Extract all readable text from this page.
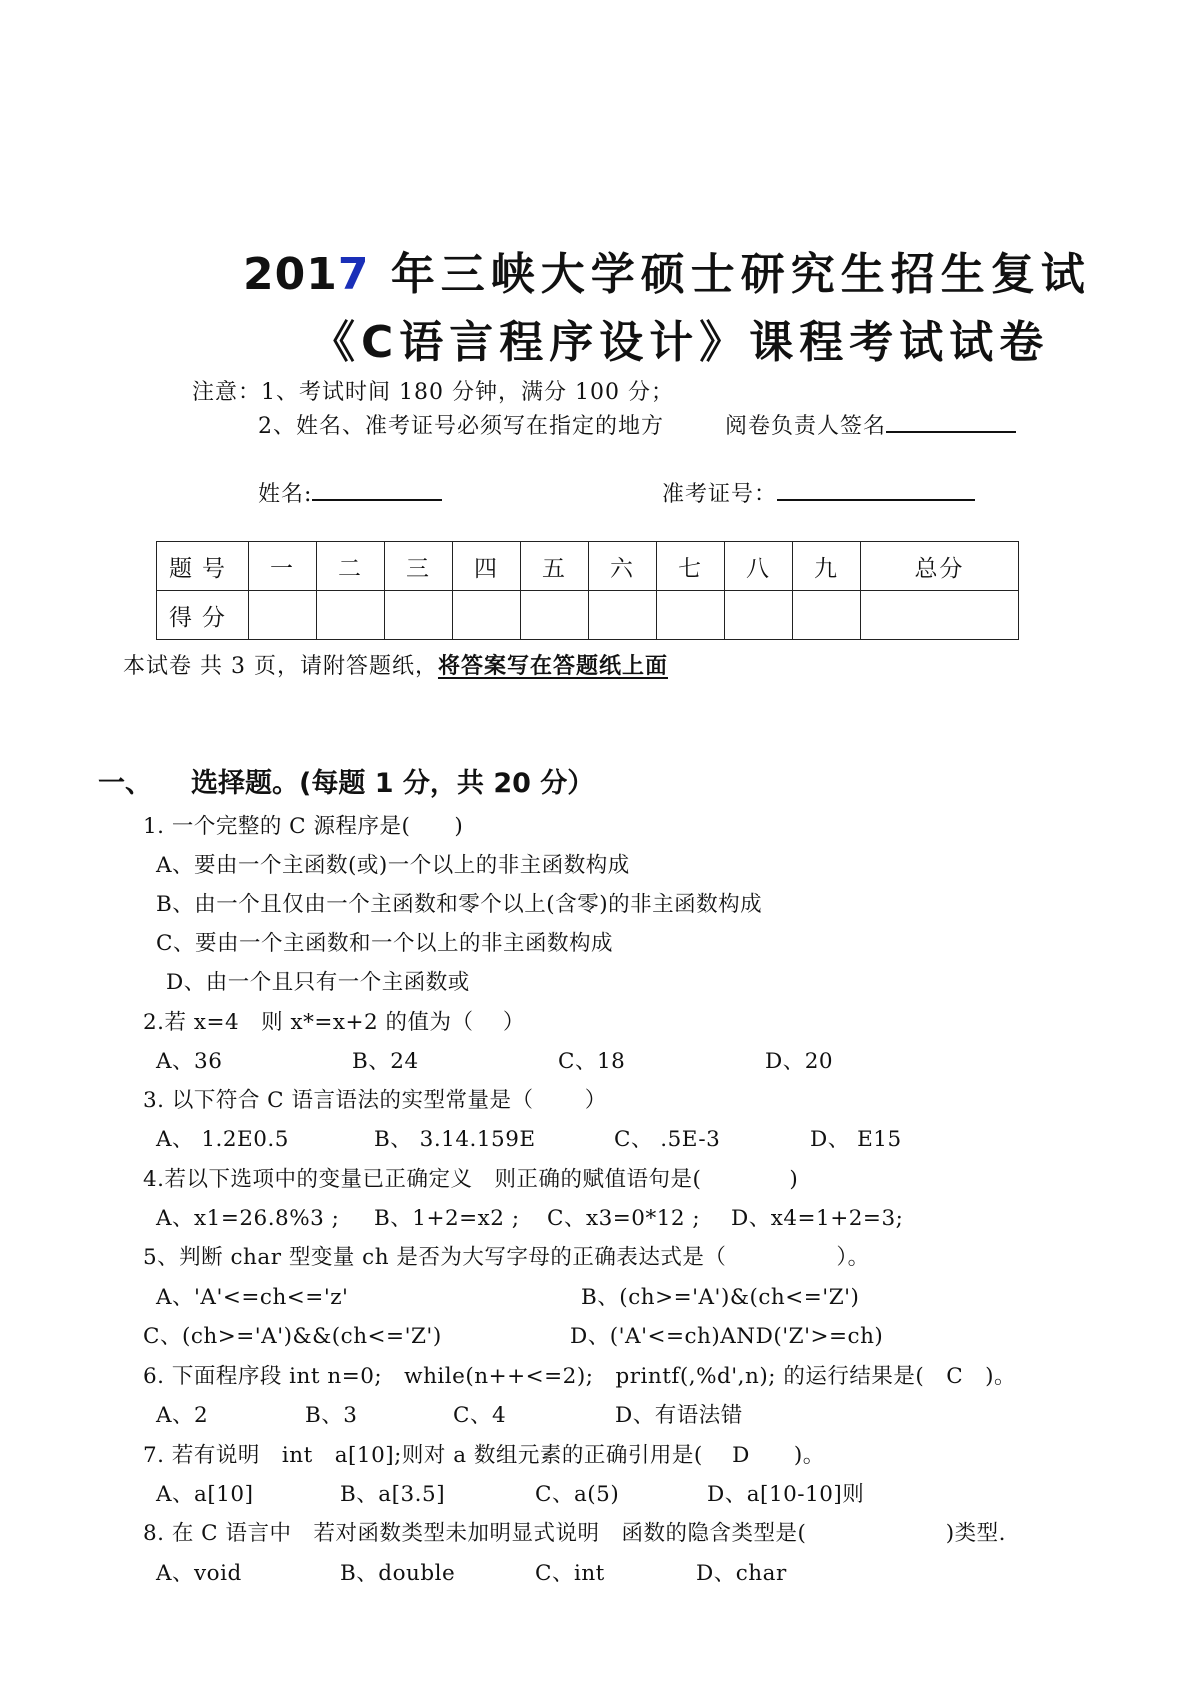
2017 年三峡大学硕士研究生招生复试
《C语言程序设计》课程考试试卷
注意：1、考试时间 180 分钟，满分 100 分；
2、姓名、准考证号必须写在指定的地方	阅卷负责人签名
姓名:	准考证号：
题号	一	二	三	四	五	六	七	八	九	总分
得分										
本试卷 共 3 页，请附答题纸，将答案写在答题纸上面
一、 选择题。(每题 1 分，共 20 分）
1. 一个完整的 C 源程序是(　　)
A、要由一个主函数(或)一个以上的非主函数构成
B、由一个且仅由一个主函数和零个以上(含零)的非主函数构成
C、要由一个主函数和一个以上的非主函数构成
D、由一个且只有一个主函数或
2.若 x=4　则 x*=x+2 的值为（　 ）
A、36	B、24	C、18	D、20
3. 以下符合 C 语言语法的实型常量是（　　 ）
A、 1.2E0.5	B、 3.14.159E	C、 .5E-3	D、 E15
4.若以下选项中的变量已正确定义　则正确的赋值语句是(　　　　)
A、x1=26.8%3 ; B、1+2=x2 ; C、x3=0*12 ; D、x4=1+2=3;
5、判断 char 型变量 ch 是否为大写字母的正确表达式是（　　　　　）。
A、'A'<=ch<='z'	B、(ch>='A')&(ch<='Z')
C、(ch>='A')&&(ch<='Z')	D、('A'<=ch)AND('Z'>=ch)
6. 下面程序段 int n=0;　while(n++<=2);　printf(,%d',n); 的运行结果是(　C　)。
A、2	B、3	C、4	D、有语法错
7. 若有说明　int　a[10];则对 a 数组元素的正确引用是(　 D　　)。
A、a[10]	B、a[3.5]	C、a(5)	D、a[10-10]则
8. 在 C 语言中　若对函数类型未加明显式说明　函数的隐含类型是(　　　　　　 )类型.
A、void	B、double	C、int	D、char
